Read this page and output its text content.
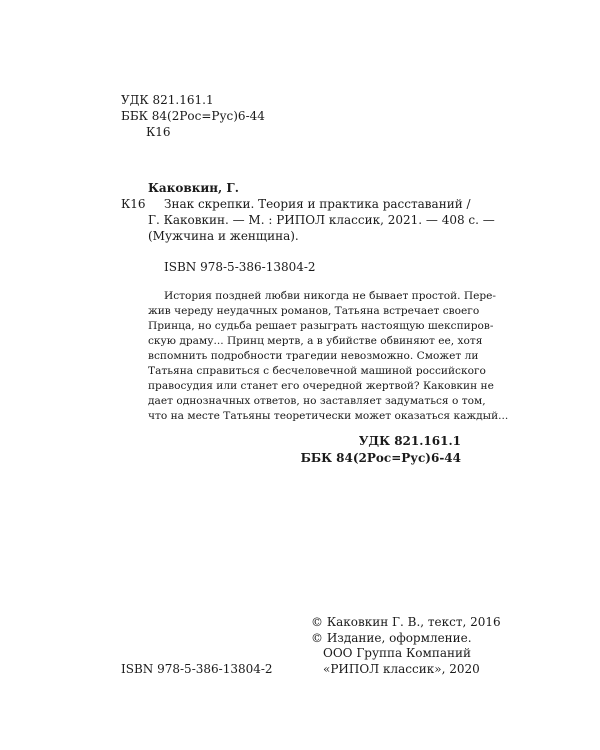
УДК 821.161.1
ББК 84(2Рос=Рус)6-44
К16
Каковкин, Г.
К16 Знак скрепки. Теория и практика расставаний /
Г. Каковкин. — М. : РИПОЛ классик, 2021. — 408 с. —
(Мужчина и женщина).
ISBN 978-5-386-13804-2
История поздней любви никогда не бывает простой. Пере-
жив череду неудачных романов, Татьяна встречает своего
Принца, но судьба решает разыграть настоящую шекспиров-
скую драму... Принц мертв, а в убийстве обвиняют ее, хотя
вспомнить подробности трагедии невозможно. Сможет ли
Татьяна справиться с бесчеловечной машиной российского
правосудия или станет его очередной жертвой? Каковкин не
дает однозначных ответов, но заставляет задуматься о том,
что на месте Татьяны теоретически может оказаться каждый...
УДК 821.161.1
ББК 84(2Рос=Рус)6-44
© Каковкин Г. В., текст, 2016
© Издание, оформление.
ООО Группа Компаний
«РИПОЛ классик», 2020
ISBN 978-5-386-13804-2
